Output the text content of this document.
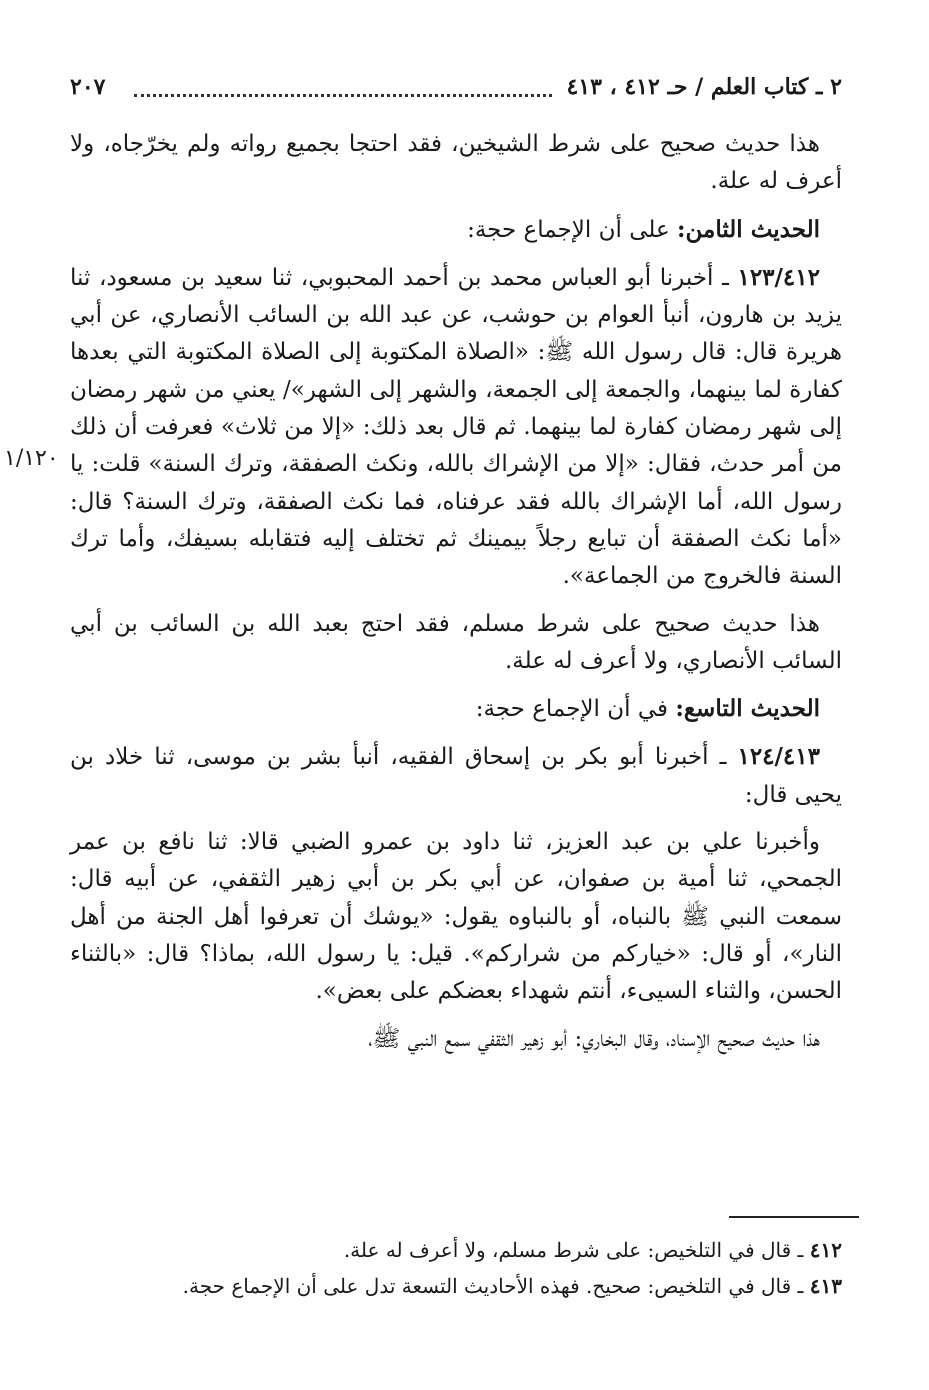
٢ ـ كتاب العلم / حـ ٤١٢ ، ٤١٣
٢٠٧

هذا حديث صحيح على شرط الشيخين، فقد احتجا بجميع رواته ولم يخرّجاه، ولا أعرف له علة.

الحديث الثامن: على أن الإجماع حجة:

١٢٣/٤١٢ ـ أخبرنا أبو العباس محمد بن أحمد المحبوبي، ثنا سعيد بن مسعود، ثنا يزيد بن هارون، أنبأ العوام بن حوشب، عن عبد الله بن السائب الأنصاري، عن أبي هريرة قال: قال رسول الله ﷺ: «الصلاة المكتوبة إلى الصلاة المكتوبة التي بعدها كفارة لما بينهما، والجمعة إلى الجمعة، والشهر إلى الشهر»/ يعني من شهر رمضان إلى شهر رمضان كفارة لما بينهما. ثم قال بعد ذلك: «إلا من ثلاث» فعرفت أن ذلك من أمر حدث، فقال: «إلا من الإشراك بالله، ونكث الصفقة، وترك السنة» قلت: يا رسول الله، أما الإشراك بالله فقد عرفناه، فما نكث الصفقة، وترك السنة؟ قال: «أما نكث الصفقة أن تبايع رجلاً بيمينك ثم تختلف إليه فتقابله بسيفك، وأما ترك السنة فالخروج من الجماعة».

هذا حديث صحيح على شرط مسلم، فقد احتج بعبد الله بن السائب بن أبي السائب الأنصاري، ولا أعرف له علة.

الحديث التاسع: في أن الإجماع حجة:

١٢٤/٤١٣ ـ أخبرنا أبو بكر بن إسحاق الفقيه، أنبأ بشر بن موسى، ثنا خلاد بن يحيى قال:

وأخبرنا علي بن عبد العزيز، ثنا داود بن عمرو الضبي قالا: ثنا نافع بن عمر الجمحي، ثنا أمية بن صفوان، عن أبي بكر بن أبي زهير الثقفي، عن أبيه قال: سمعت النبي ﷺ بالنباه، أو بالنباوه يقول: «يوشك أن تعرفوا أهل الجنة من أهل النار»، أو قال: «خياركم من شراركم». قيل: يا رسول الله، بماذا؟ قال: «بالثناء الحسن، والثناء السيىء، أنتم شهداء بعضكم على بعض».

هذا حديث صحيح الإسناد، وقال البخاري: أبو زهير الثقفي سمع النبي ﷺ،

١/١٢٠
٤١٢ ـ قال في التلخيص: على شرط مسلم، ولا أعرف له علة.
٤١٣ ـ قال في التلخيص: صحيح. فهذه الأحاديث التسعة تدل على أن الإجماع حجة.
